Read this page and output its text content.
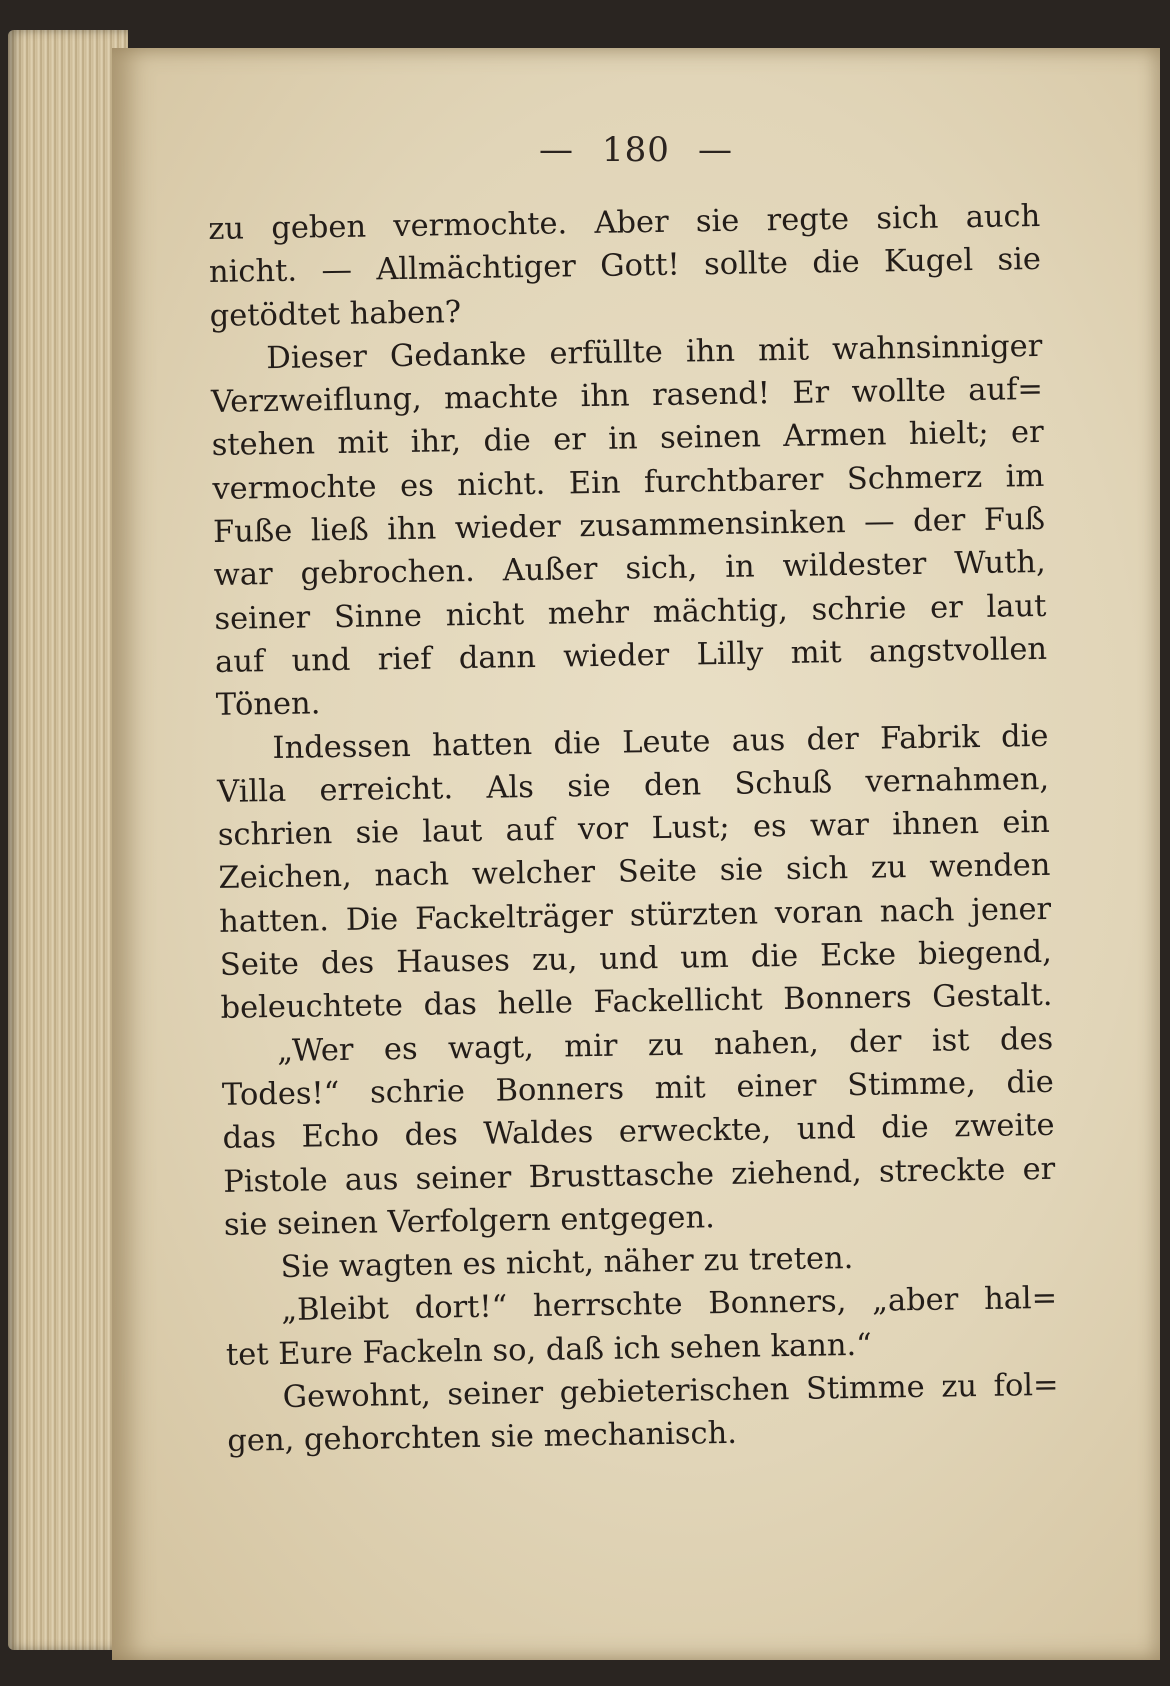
— 180 —
zu geben vermochte. Aber sie regte sich auch
nicht. — Allmächtiger Gott! sollte die Kugel sie
getödtet haben?
Dieser Gedanke erfüllte ihn mit wahnsinniger
Verzweiflung, machte ihn rasend! Er wollte auf=
stehen mit ihr, die er in seinen Armen hielt; er
vermochte es nicht. Ein furchtbarer Schmerz im
Fuße ließ ihn wieder zusammensinken — der Fuß
war gebrochen. Außer sich, in wildester Wuth,
seiner Sinne nicht mehr mächtig, schrie er laut
auf und rief dann wieder Lilly mit angstvollen
Tönen.
Indessen hatten die Leute aus der Fabrik die
Villa erreicht. Als sie den Schuß vernahmen,
schrien sie laut auf vor Lust; es war ihnen ein
Zeichen, nach welcher Seite sie sich zu wenden
hatten. Die Fackelträger stürzten voran nach jener
Seite des Hauses zu, und um die Ecke biegend,
beleuchtete das helle Fackellicht Bonners Gestalt.
„Wer es wagt, mir zu nahen, der ist des
Todes!“ schrie Bonners mit einer Stimme, die
das Echo des Waldes erweckte, und die zweite
Pistole aus seiner Brusttasche ziehend, streckte er
sie seinen Verfolgern entgegen.
Sie wagten es nicht, näher zu treten.
„Bleibt dort!“ herrschte Bonners, „aber hal=
tet Eure Fackeln so, daß ich sehen kann.“
Gewohnt, seiner gebieterischen Stimme zu fol=
gen, gehorchten sie mechanisch.
